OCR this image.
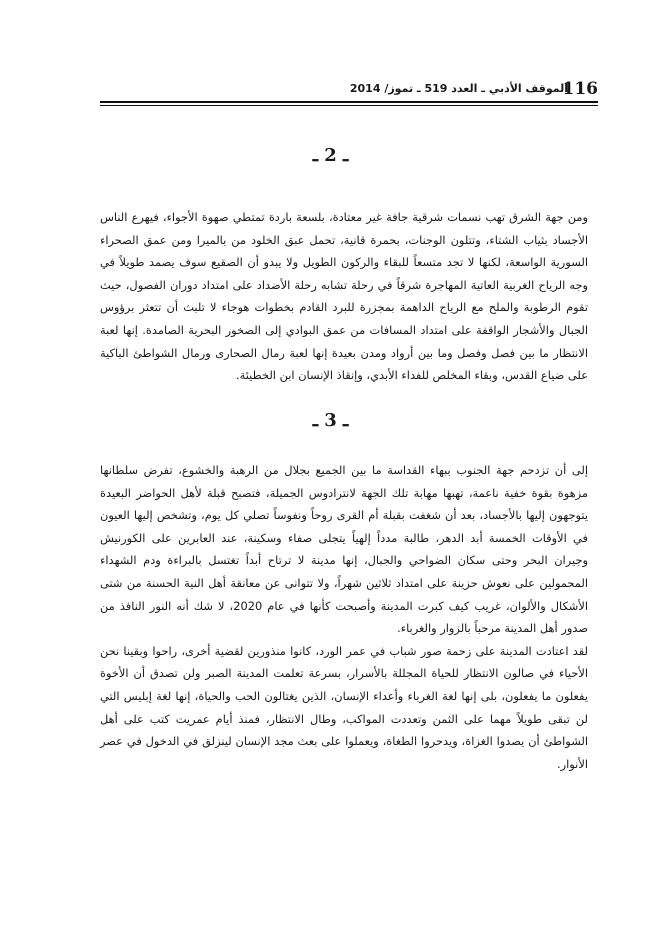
116
الموقف الأدبي ـ العدد 519 ـ تموز/ 2014
ـ 2 ـ

ومن جهة الشرق تهب نسمات شرقية جافة غير معتادة، بلسعة باردة تمتطي صهوة الأجواء، فيهرع الناس الأجساد بثياب الشتاء، وتتلون الوجنات، بحمرة قانية، تحمل عبق الخلود من بالميرا ومن عمق الصحراء السورية الواسعة، لكنها لا تجد متسعاً للبقاء والركون الطويل ولا يبدو أن الصقيع سوف يصمد طويلاً في وجه الرياح الغربية العاتية المهاجرة شرقاً في رحلة تشابه رحلة الأضداد على امتداد دوران الفصول، حيث تقوم الرطوبة والملح مع الرياح الداهمة بمجزرة للبرد القادم بخطوات هوجاء لا تلبث أن تتعثر برؤوس الجبال والأشجار الواقفة على امتداد المسافات من عمق البوادي إلى الصخور البحرية الصامدة. إنها لعبة الانتظار ما بين فصل وفصل وما بين أرواد ومدن بعيدة إنها لعبة رمال الصحارى ورمال الشواطئ الباكية على ضياع القدس، وبقاء المخلص للفداء الأبدي، وإنقاذ الإنسان ابن الخطيئة.

ـ 3 ـ

إلى أن تزدحم جهة الجنوب ببهاء القداسة ما بين الجميع بجلال من الرهبة والخشوع، تفرض سلطانها مزهوة بقوة خفية ناعمة، تهبها مهابة تلك الجهة لانترادوس الجميلة، فتصبح قبلة لأهل الحواضر البعيدة يتوجهون إليها بالأجساد، بعد أن شغفت بقبلة أم القرى روحاً ونفوساً تصلي كل يوم، وتشخص إليها العيون في الأوقات الخمسة أبد الدهر، طالبة مدداً إلهياً يتجلى صفاء وسكينة، عند العابرين على الكورنيش وجيران البحر وحتى سكان الضواحي والجبال، إنها مدينة لا ترتاح أبداً تغتسل بالبراءة ودم الشهداء المحمولين على نعوش حزينة على امتداد ثلاثين شهراً، ولا تتوانى عن معانقة أهل النية الحسنة من شتى الأشكال والألوان، غريب كيف كبرت المدينة وأصبحت كأنها في عام 2020، لا شك أنه النور النافذ من صدور أهل المدينة مرحباً بالزوار والغرباء.

لقد اعتادت المدينة على زحمة صور شباب في عمر الورد، كانوا منذورين لقضية أخرى، راحوا وبقينا نحن الأحياء في صالون الانتظار للحياة المجللة بالأسرار، بسرعة تعلمت المدينة الصبر ولن تصدق أن الأخوة يفعلون ما يفعلون، بلى إنها لغة الغرباء وأعداء الإنسان، الذين يغتالون الحب والحياة، إنها لغة إبليس التي لن تبقى طويلاً مهما على الثمن وتعددت المواكب، وطال الانتظار، فمنذ أيام عمريت كتب على أهل الشواطئ أن يصدوا الغزاة، ويدحروا الطغاة، ويعملوا على بعث مجد الإنسان لينزلق في الدخول في عصر الأنوار.
